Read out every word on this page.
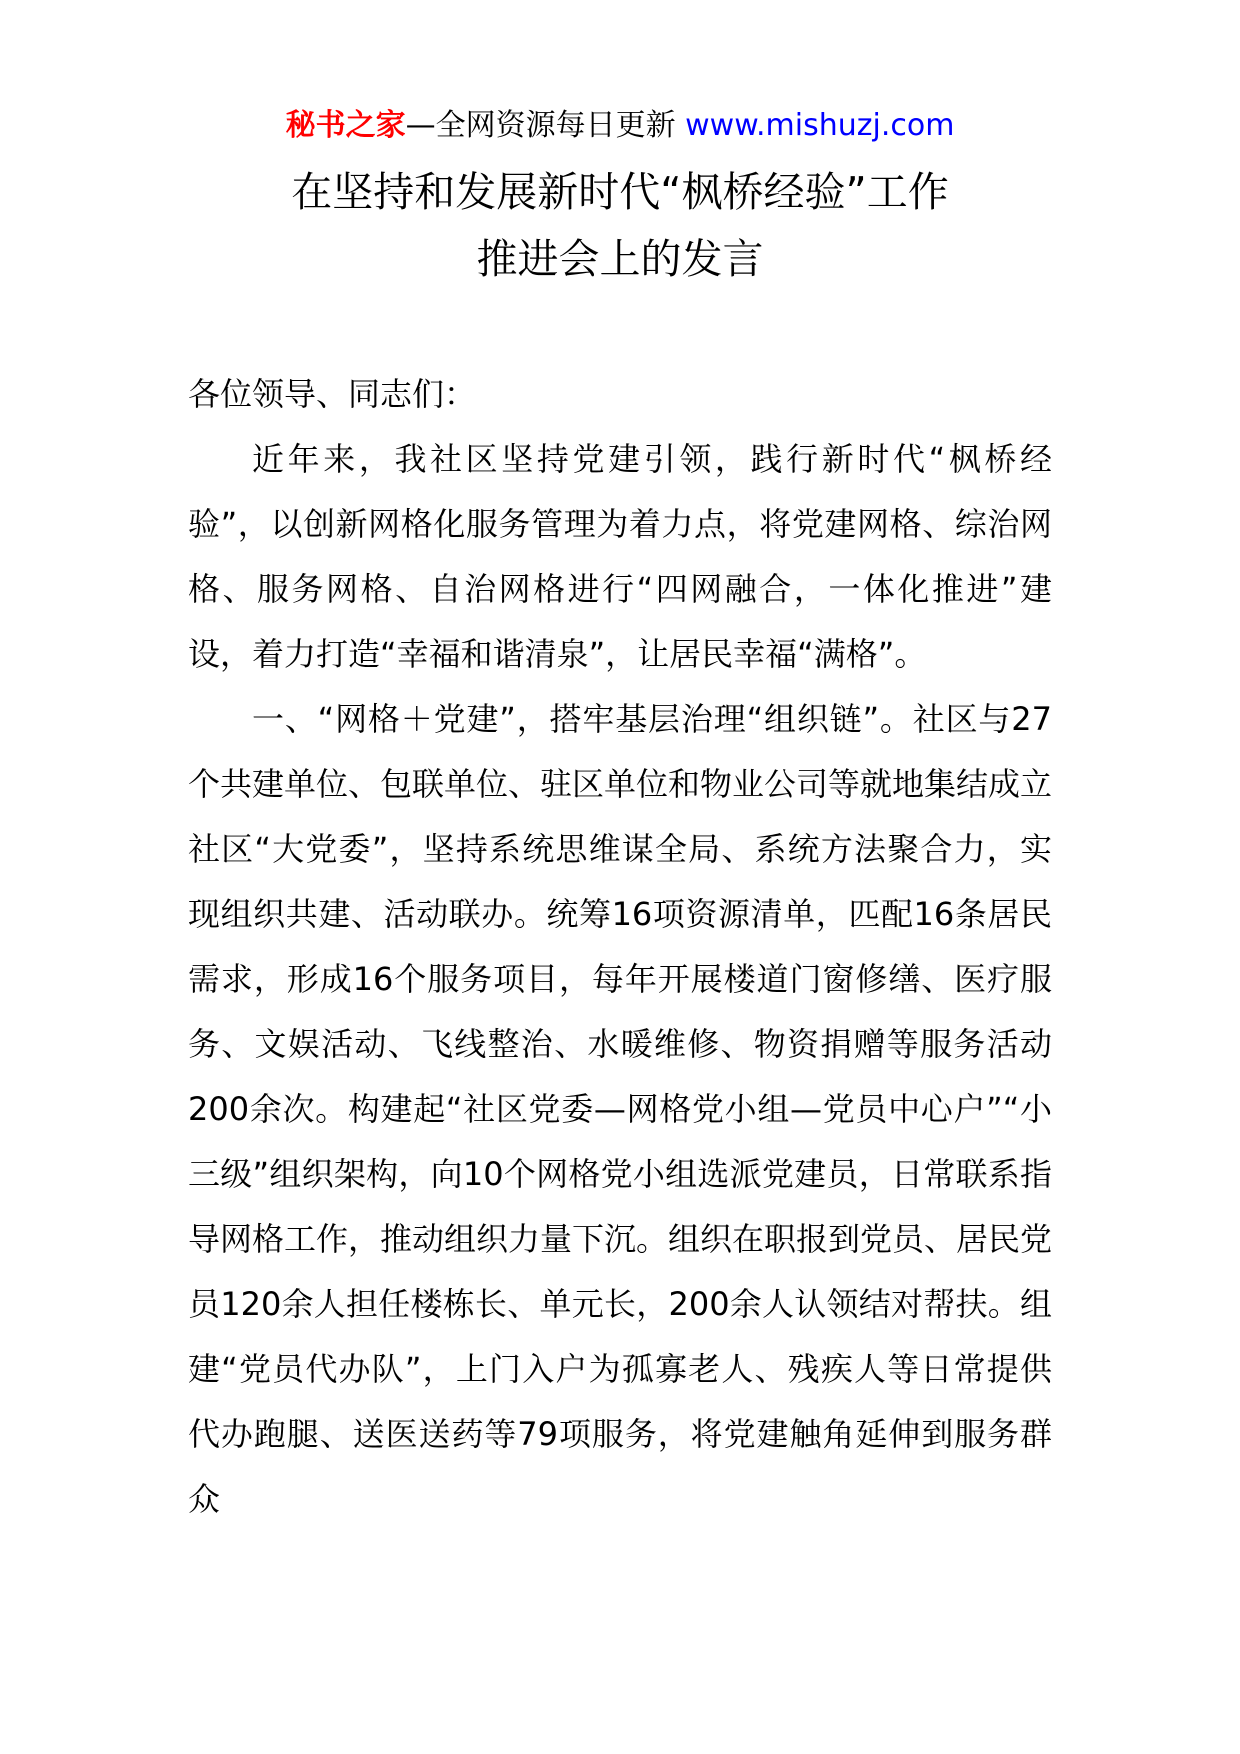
秘书之家—全网资源每日更新 www.mishuzj.com
在坚持和发展新时代“枫桥经验”工作
推进会上的发言

各位领导、同志们：

近年来，我社区坚持党建引领，践行新时代“枫桥经验”，以创新网格化服务管理为着力点，将党建网格、综治网格、服务网格、自治网格进行“四网融合，一体化推进”建设，着力打造“幸福和谐清泉”，让居民幸福“满格”。

一、“网格＋党建”，搭牢基层治理“组织链”。社区与27个共建单位、包联单位、驻区单位和物业公司等就地集结成立社区“大党委”，坚持系统思维谋全局、系统方法聚合力，实现组织共建、活动联办。统筹16项资源清单，匹配16条居民需求，形成16个服务项目，每年开展楼道门窗修缮、医疗服务、文娱活动、飞线整治、水暖维修、物资捐赠等服务活动200余次。构建起“社区党委—网格党小组—党员中心户”“小三级”组织架构，向10个网格党小组选派党建员，日常联系指导网格工作，推动组织力量下沉。组织在职报到党员、居民党员120余人担任楼栋长、单元长，200余人认领结对帮扶。组建“党员代办队”，上门入户为孤寡老人、残疾人等日常提供代办跑腿、送医送药等79项服务，将党建触角延伸到服务群众
